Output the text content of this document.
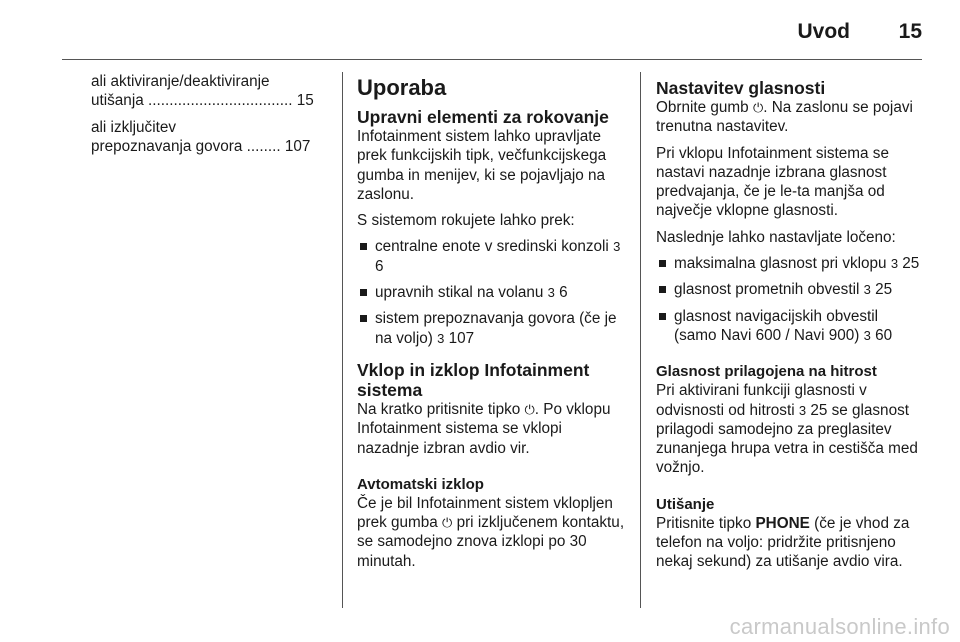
Uvod	15
ali aktiviranje/deaktiviranje
utišanja .................................. 15
ali izključitev
prepoznavanja govora ........ 107
Uporaba
Upravni elementi za rokovanje

Infotainment sistem lahko upravljate prek funkcijskih tipk, večfunkcijskega gumba in menijev, ki se pojavljajo na zaslonu.

S sistemom rokujete lahko prek:

centralne enote v sredinski konzoli 3 6
upravnih stikal na volanu 3 6
sistem prepoznavanja govora (če je na voljo) 3 107
Vklop in izklop Infotainment sistema

Na kratko pritisnite tipko ⏻. Po vklopu Infotainment sistema se vklopi nazadnje izbran avdio vir.

Avtomatski izklop

Če je bil Infotainment sistem vklopljen prek gumba ⏻ pri izključenem kontaktu, se samodejno znova izklopi po 30 minutah.

Nastavitev glasnosti

Obrnite gumb ⏻. Na zaslonu se pojavi trenutna nastavitev.

Pri vklopu Infotainment sistema se nastavi nazadnje izbrana glasnost predvajanja, če je le-ta manjša od največje vklopne glasnosti.

Naslednje lahko nastavljate ločeno:

maksimalna glasnost pri vklopu 3 25
glasnost prometnih obvestil 3 25
glasnost navigacijskih obvestil (samo Navi 600 / Navi 900) 3 60
Glasnost prilagojena na hitrost

Pri aktivirani funkciji glasnosti v odvisnosti od hitrosti 3 25 se glasnost prilagodi samodejno za preglasitev zunanjega hrupa vetra in cestišča med vožnjo.

Utišanje

Pritisnite tipko PHONE (če je vhod za telefon na voljo: pridržite pritisnjeno nekaj sekund) za utišanje avdio vira.

carmanualsonline.info
